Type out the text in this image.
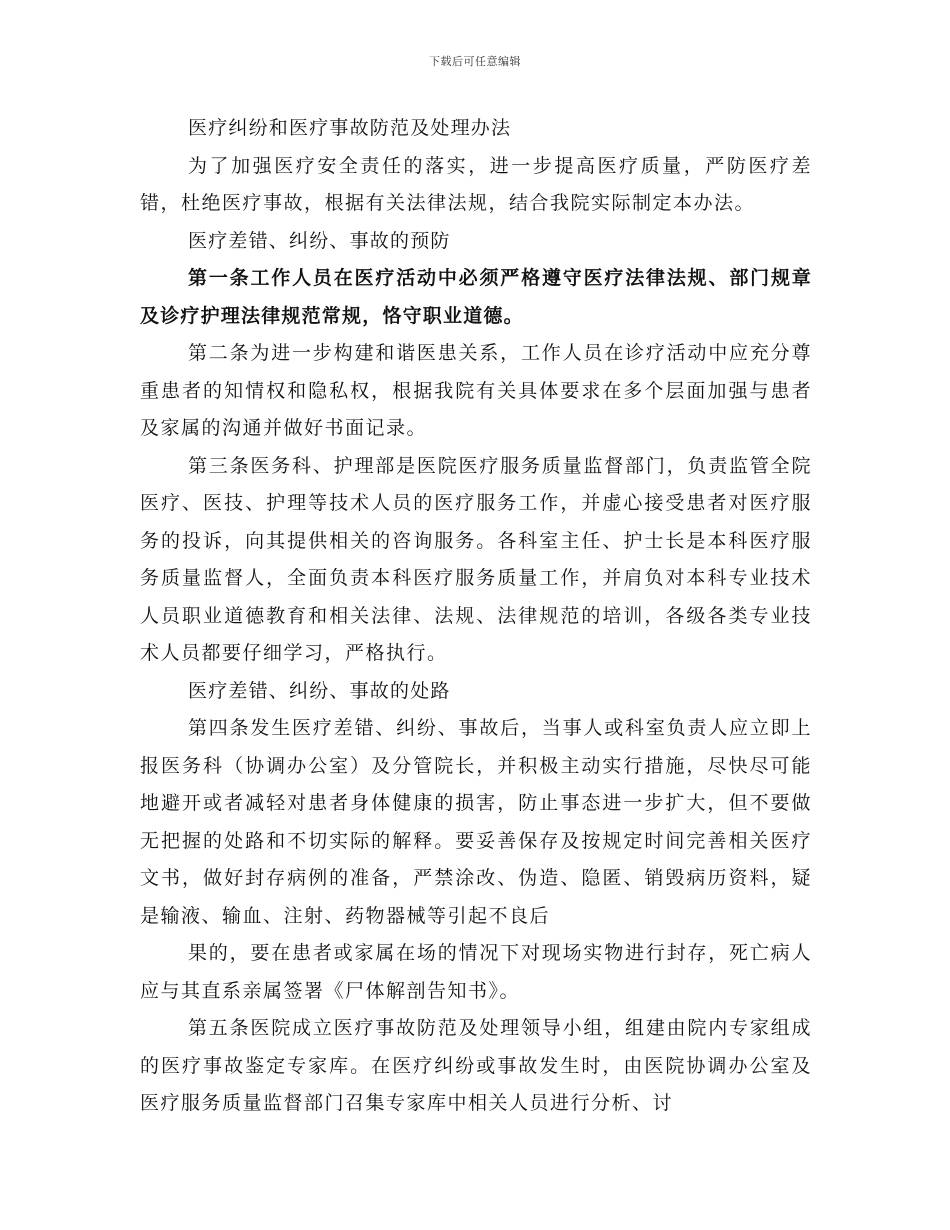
下载后可任意编辑

医疗纠纷和医疗事故防范及处理办法

为了加强医疗安全责任的落实，进一步提高医疗质量，严防医疗差错，杜绝医疗事故，根据有关法律法规，结合我院实际制定本办法。

医疗差错、纠纷、事故的预防

第一条工作人员在医疗活动中必须严格遵守医疗法律法规、部门规章及诊疗护理法律规范常规，恪守职业道德。

第二条为进一步构建和谐医患关系，工作人员在诊疗活动中应充分尊重患者的知情权和隐私权，根据我院有关具体要求在多个层面加强与患者及家属的沟通并做好书面记录。

第三条医务科、护理部是医院医疗服务质量监督部门，负责监管全院医疗、医技、护理等技术人员的医疗服务工作，并虚心接受患者对医疗服务的投诉，向其提供相关的咨询服务。各科室主任、护士长是本科医疗服务质量监督人，全面负责本科医疗服务质量工作，并肩负对本科专业技术人员职业道德教育和相关法律、法规、法律规范的培训，各级各类专业技术人员都要仔细学习，严格执行。

医疗差错、纠纷、事故的处路

第四条发生医疗差错、纠纷、事故后，当事人或科室负责人应立即上报医务科（协调办公室）及分管院长，并积极主动实行措施，尽快尽可能地避开或者减轻对患者身体健康的损害，防止事态进一步扩大，但不要做无把握的处路和不切实际的解释。要妥善保存及按规定时间完善相关医疗文书，做好封存病例的准备，严禁涂改、伪造、隐匿、销毁病历资料，疑是输液、输血、注射、药物器械等引起不良后

果的，要在患者或家属在场的情况下对现场实物进行封存，死亡病人应与其直系亲属签署《尸体解剖告知书》。

第五条医院成立医疗事故防范及处理领导小组，组建由院内专家组成的医疗事故鉴定专家库。在医疗纠纷或事故发生时，由医院协调办公室及医疗服务质量监督部门召集专家库中相关人员进行分析、讨
